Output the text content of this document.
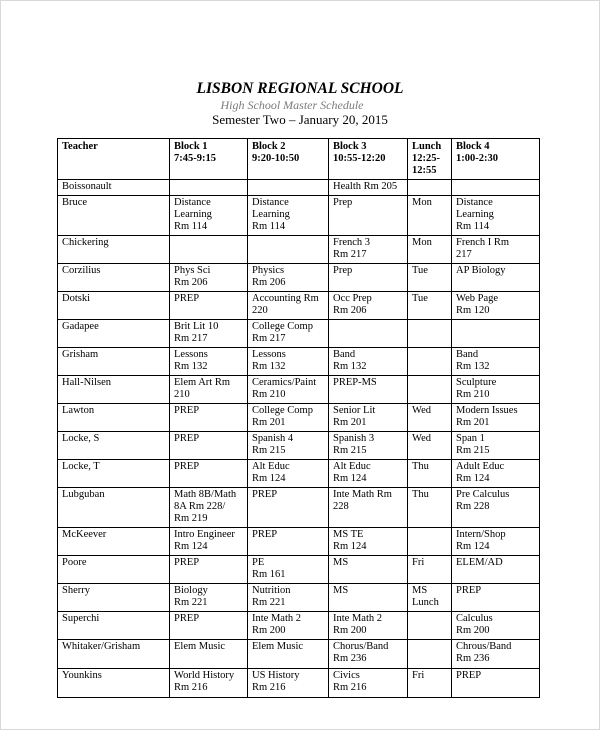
LISBON REGIONAL SCHOOL
High School Master Schedule
Semester Two – January 20, 2015
Teacher	Block 1
7:45-9:15	Block 2
9:20-10:50	Block 3
10:55-12:20	Lunch
12:25-
12:55	Block 4
1:00-2:30
Boissonault			Health Rm 205		
Bruce	Distance
Learning
Rm 114	Distance
Learning
Rm 114	Prep	Mon	Distance
Learning
Rm 114
Chickering			French 3
Rm 217	Mon	French I Rm
217
Corzilius	Phys Sci
Rm 206	Physics
Rm 206	Prep	Tue	AP Biology
Dotski	PREP	Accounting Rm
220	Occ Prep
Rm 206	Tue	Web Page
Rm 120
Gadapee	Brit Lit 10
Rm 217	College Comp
Rm 217			
Grisham	Lessons
Rm 132	Lessons
Rm 132	Band
Rm 132		Band
Rm 132
Hall-Nilsen	Elem Art Rm
210	Ceramics/Paint
Rm 210	PREP-MS		Sculpture
Rm 210
Lawton	PREP	College Comp
Rm 201	Senior Lit
Rm 201	Wed	Modern Issues
Rm 201
Locke, S	PREP	Spanish 4
Rm 215	Spanish 3
Rm 215	Wed	Span 1
Rm 215
Locke, T	PREP	Alt Educ
Rm 124	Alt Educ
Rm 124	Thu	Adult Educ
Rm 124
Lubguban	Math 8B/Math
8A Rm 228/
Rm 219	PREP	Inte Math Rm
228	Thu	Pre Calculus
Rm 228
McKeever	Intro Engineer
Rm 124	PREP	MS TE
Rm 124		Intern/Shop
Rm 124
Poore	PREP	PE
Rm 161	MS	Fri	ELEM/AD
Sherry	Biology
Rm 221	Nutrition
Rm 221	MS	MS
Lunch	PREP
Superchi	PREP	Inte Math 2
Rm 200	Inte Math 2
Rm 200		Calculus
Rm 200
Whitaker/Grisham	Elem Music	Elem Music	Chorus/Band
Rm 236		Chrous/Band
Rm 236
Younkins	World History
Rm 216	US History
Rm 216	Civics
Rm 216	Fri	PREP
